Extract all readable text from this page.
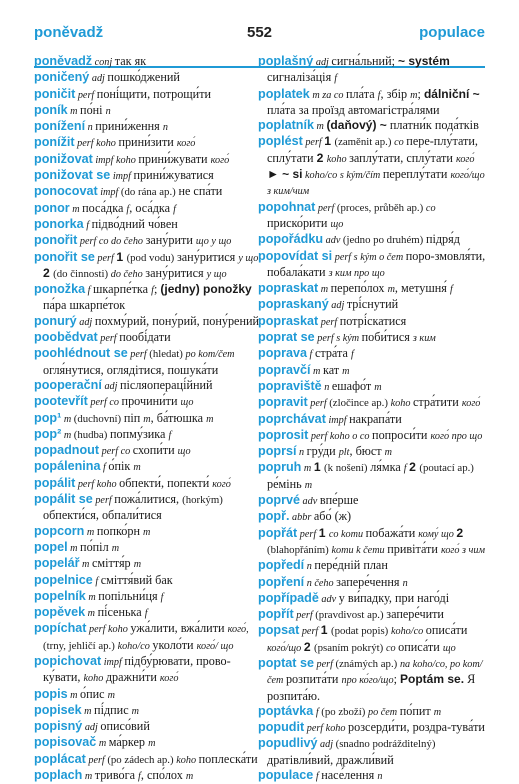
poněvadž	552	populace

poněvadž conj так як

poničený adj пошко́джений

poničit perf поні́щити, потрощи́ти

poník m по́ні n

ponížení n прини́ження n

ponížit perf koho прини́зити кого́

ponižovat impf koho прини́жувати кого́

ponižovat se impf прини́жуватися

ponocovat impf (do rána ap.) не спа́ти

ponor m поса́дка f, оса́дка f

ponorka f підво́дний чо́вен

ponořit perf co do čeho зану́рити що у що

ponořit se perf 1 (pod vodu) зану́ритися у що 2 (do činnosti) do čeho зану́ритися у що

ponožka f шкарпе́тка f; (jedny) ponožky па́ра шкарпе́ток

ponurý adj похму́рий, пону́рий, пону́рений

poobědvat perf пообі́дати

poohlédnout se perf (hledat) po kom/čem огля́нутися, оглядітися, пошука́ти

pooperační adj післяопераці́йний

pootevřít perf co прочини́ти що

pop¹ m (duchovní) піп m, ба́тюшка m

pop² m (hudba) попму́зика f

popadnout perf co схопи́ти що

popálenina f о́пік m

popálit perf koho обпекти́, попекти́ кого́

popálit se perf пожа́литися, (horkým) обпекти́ся, обпали́тися

popcorn m попко́рн m

popel m по́піл m

popelář m сміття́р m

popelnice f сміття́вий бак

popelník m попільни́ця f

popěvek m пі́сенька f

popíchat perf koho ужа́лити, вжа́лити кого́, (trny, jehličí ap.) koho/co уколо́ти кого́/ що

popichovat impf підбу́рювати, прово-ку́вати, koho дражни́ти кого́

popis m о́пис m

popisek m пі́дпис m

popisný adj описо́вий

popisovač m ма́ркер m

poplácat perf (po zádech ap.) koho поплеска́ти

poplach m триво́га f, спо́лох m

poplašný adj сигна́льний; ~ systém сигналіза́ція f

poplatek m za co пла́та f, збір m; dálniční ~ пла́та за проїзд автомагістра́лями

poplatník m (daňový) ~ платни́к пода́тків

poplést perf 1 (zaměnit ap.) co пере-плу́тати, сплу́тати 2 koho заплу́тати, сплу́тати кого́ ► ~ si koho/co s kým/čím переплу́тати кого́/що з ким/чим

popohnat perf (proces, průběh ap.) co приско́рити що

popořádku adv (jedno po druhém) підря́д

popovídat si perf s kým o čem поро-змовля́ти, побала́кати з ким про що

popraskat m перепо́лох m, метушня́ f

popraskaný adj трі́снутий

popraskat perf потрі́скатися

poprat se perf s kým поби́тися з ким

poprava f стра́та f

popravčí m кат m

popraviště n ешафо́т m

popravit perf (zločince ap.) koho стра́тити кого́

poprchávat impf накрапа́ти

poprosit perf koho o co попроси́ти кого́ про що

poprsí n гру́ди plt, бюст m

popruh m 1 (k nošení) ля́мка f 2 (poutací ap.) ре́мінь m

poprvé adv впе́рше

popř. abbr або́ (ж)

popřát perf 1 co komu побажа́ти кому́ що 2 (blahopřáním) komu k čemu привіта́ти кого́ з чим

popředí n пере́дній план

popření n čeho запере́чення n

popřípadě adv у ви́падку, при наго́ді

popřít perf (pravdivost ap.) запере́чити

popsat perf 1 (podat popis) koho/co описа́ти кого́/що 2 (psaním pokrýt) co описа́ти що

poptat se perf (známých ap.) na koho/co, po kom/čem розпита́ти про ко́го/що; Poptám se. Я розпита́ю.

poptávka f (po zboží) po čem по́пит m

popudit perf koho розсерди́ти, роздра-тува́ти

popudlivý adj (snadno podrážditelný) дратівли́вий, дражли́вий

populace f насе́лення n
